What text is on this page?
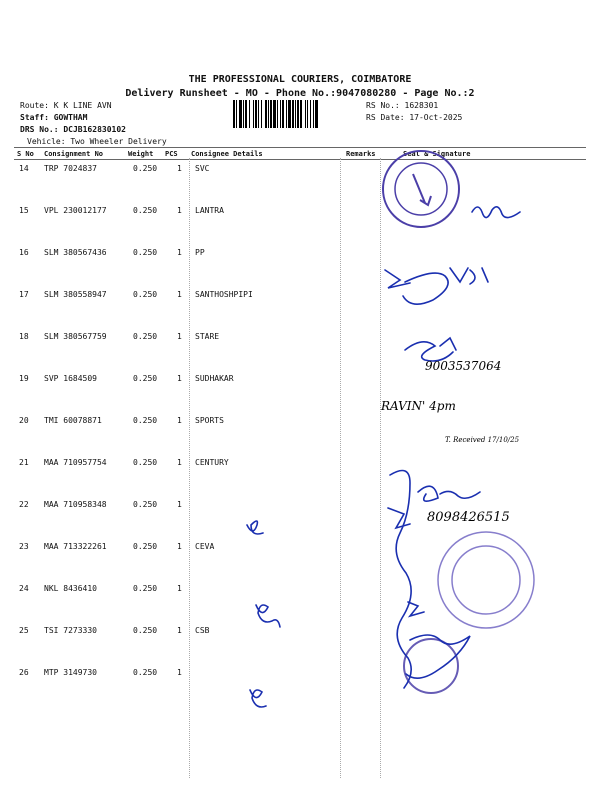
THE PROFESSIONAL COURIERS, COIMBATORE
Delivery Runsheet - MO - Phone No.:9047080280 - Page No.:2
Route: K K LINE AVN
Staff: GOWTHAM
DRS No.: DCJB162830102
Vehicle: Two Wheeler Delivery
RS No.: 1628301
RS Date: 17-Oct-2025
S No Consignment No	Weight PCS Consignee Details	Remarks	Seal & Signature
14 TRP 7024837	0.250 1 SVC
15 VPL 230012177	0.250 1 LANTRA
16 SLM 380567436	0.250 1 PP
17 SLM 380558947	0.250 1 SANTHOSHPIPI
18 SLM 380567759	0.250 1 STARE
19 SVP 1684509	0.250 1 SUDHAKAR
20 TMI 60078871	0.250 1 SPORTS
21 MAA 710957754	0.250 1 CENTURY
22 MAA 710958348	0.250 1
23 MAA 713322261	0.250 1 CEVA
24 NKL 8436410	0.250 1
25 TSI 7273330	0.250 1 CSB
26 MTP 3149730	0.250 1
RAVIN' 4pm
9003537064
8098426515
T. Received 17/10/25
